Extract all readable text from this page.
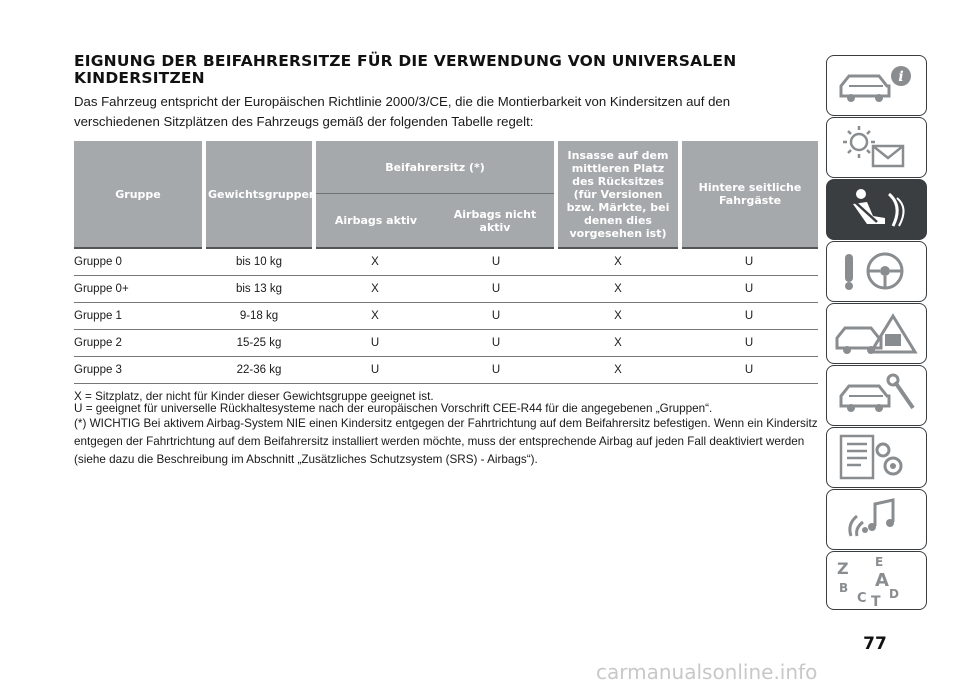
EIGNUNG DER BEIFAHRERSITZE FÜR DIE VERWENDUNG VON UNIVERSALEN KINDERSITZEN
Das Fahrzeug entspricht der Europäischen Richtlinie 2000/3/CE, die die Montierbarkeit von Kindersitzen auf den verschiedenen Sitzplätzen des Fahrzeugs gemäß der folgenden Tabelle regelt:
Gruppe	Gewichtsgruppen	Beifahrersitz (*)		Insasse auf dem mittleren Platz des Rücksitzes (für Versionen bzw. Märkte, bei denen dies vorgesehen ist)	Hintere seitliche Fahrgäste
		Airbags aktiv	Airbags nicht aktiv		
Gruppe 0	bis 10 kg	X	U	X	U
Gruppe 0+	bis 13 kg	X	U	X	U
Gruppe 1	9-18 kg	X	U	X	U
Gruppe 2	15-25 kg	U	U	X	U
Gruppe 3	22-36 kg	U	U	X	U

X = Sitzplatz, der nicht für Kinder dieser Gewichtsgruppe geeignet ist.

U = geeignet für universelle Rückhaltesysteme nach der europäischen Vorschrift CEE-R44 für die angegebenen „Gruppen“.

(*) WICHTIG Bei aktivem Airbag-System NIE einen Kindersitz entgegen der Fahrtrichtung auf dem Beifahrersitz befestigen. Wenn ein Kindersitz entgegen der Fahrtrichtung auf dem Beifahrersitz installiert werden möchte, muss der entsprechende Airbag auf jeden Fall deaktiviert werden (siehe dazu die Beschreibung im Abschnitt „Zusätzliches Schutzsystem (SRS) - Airbags“).

i
Z E
B A
C T D
77
carmanualsonline.info
